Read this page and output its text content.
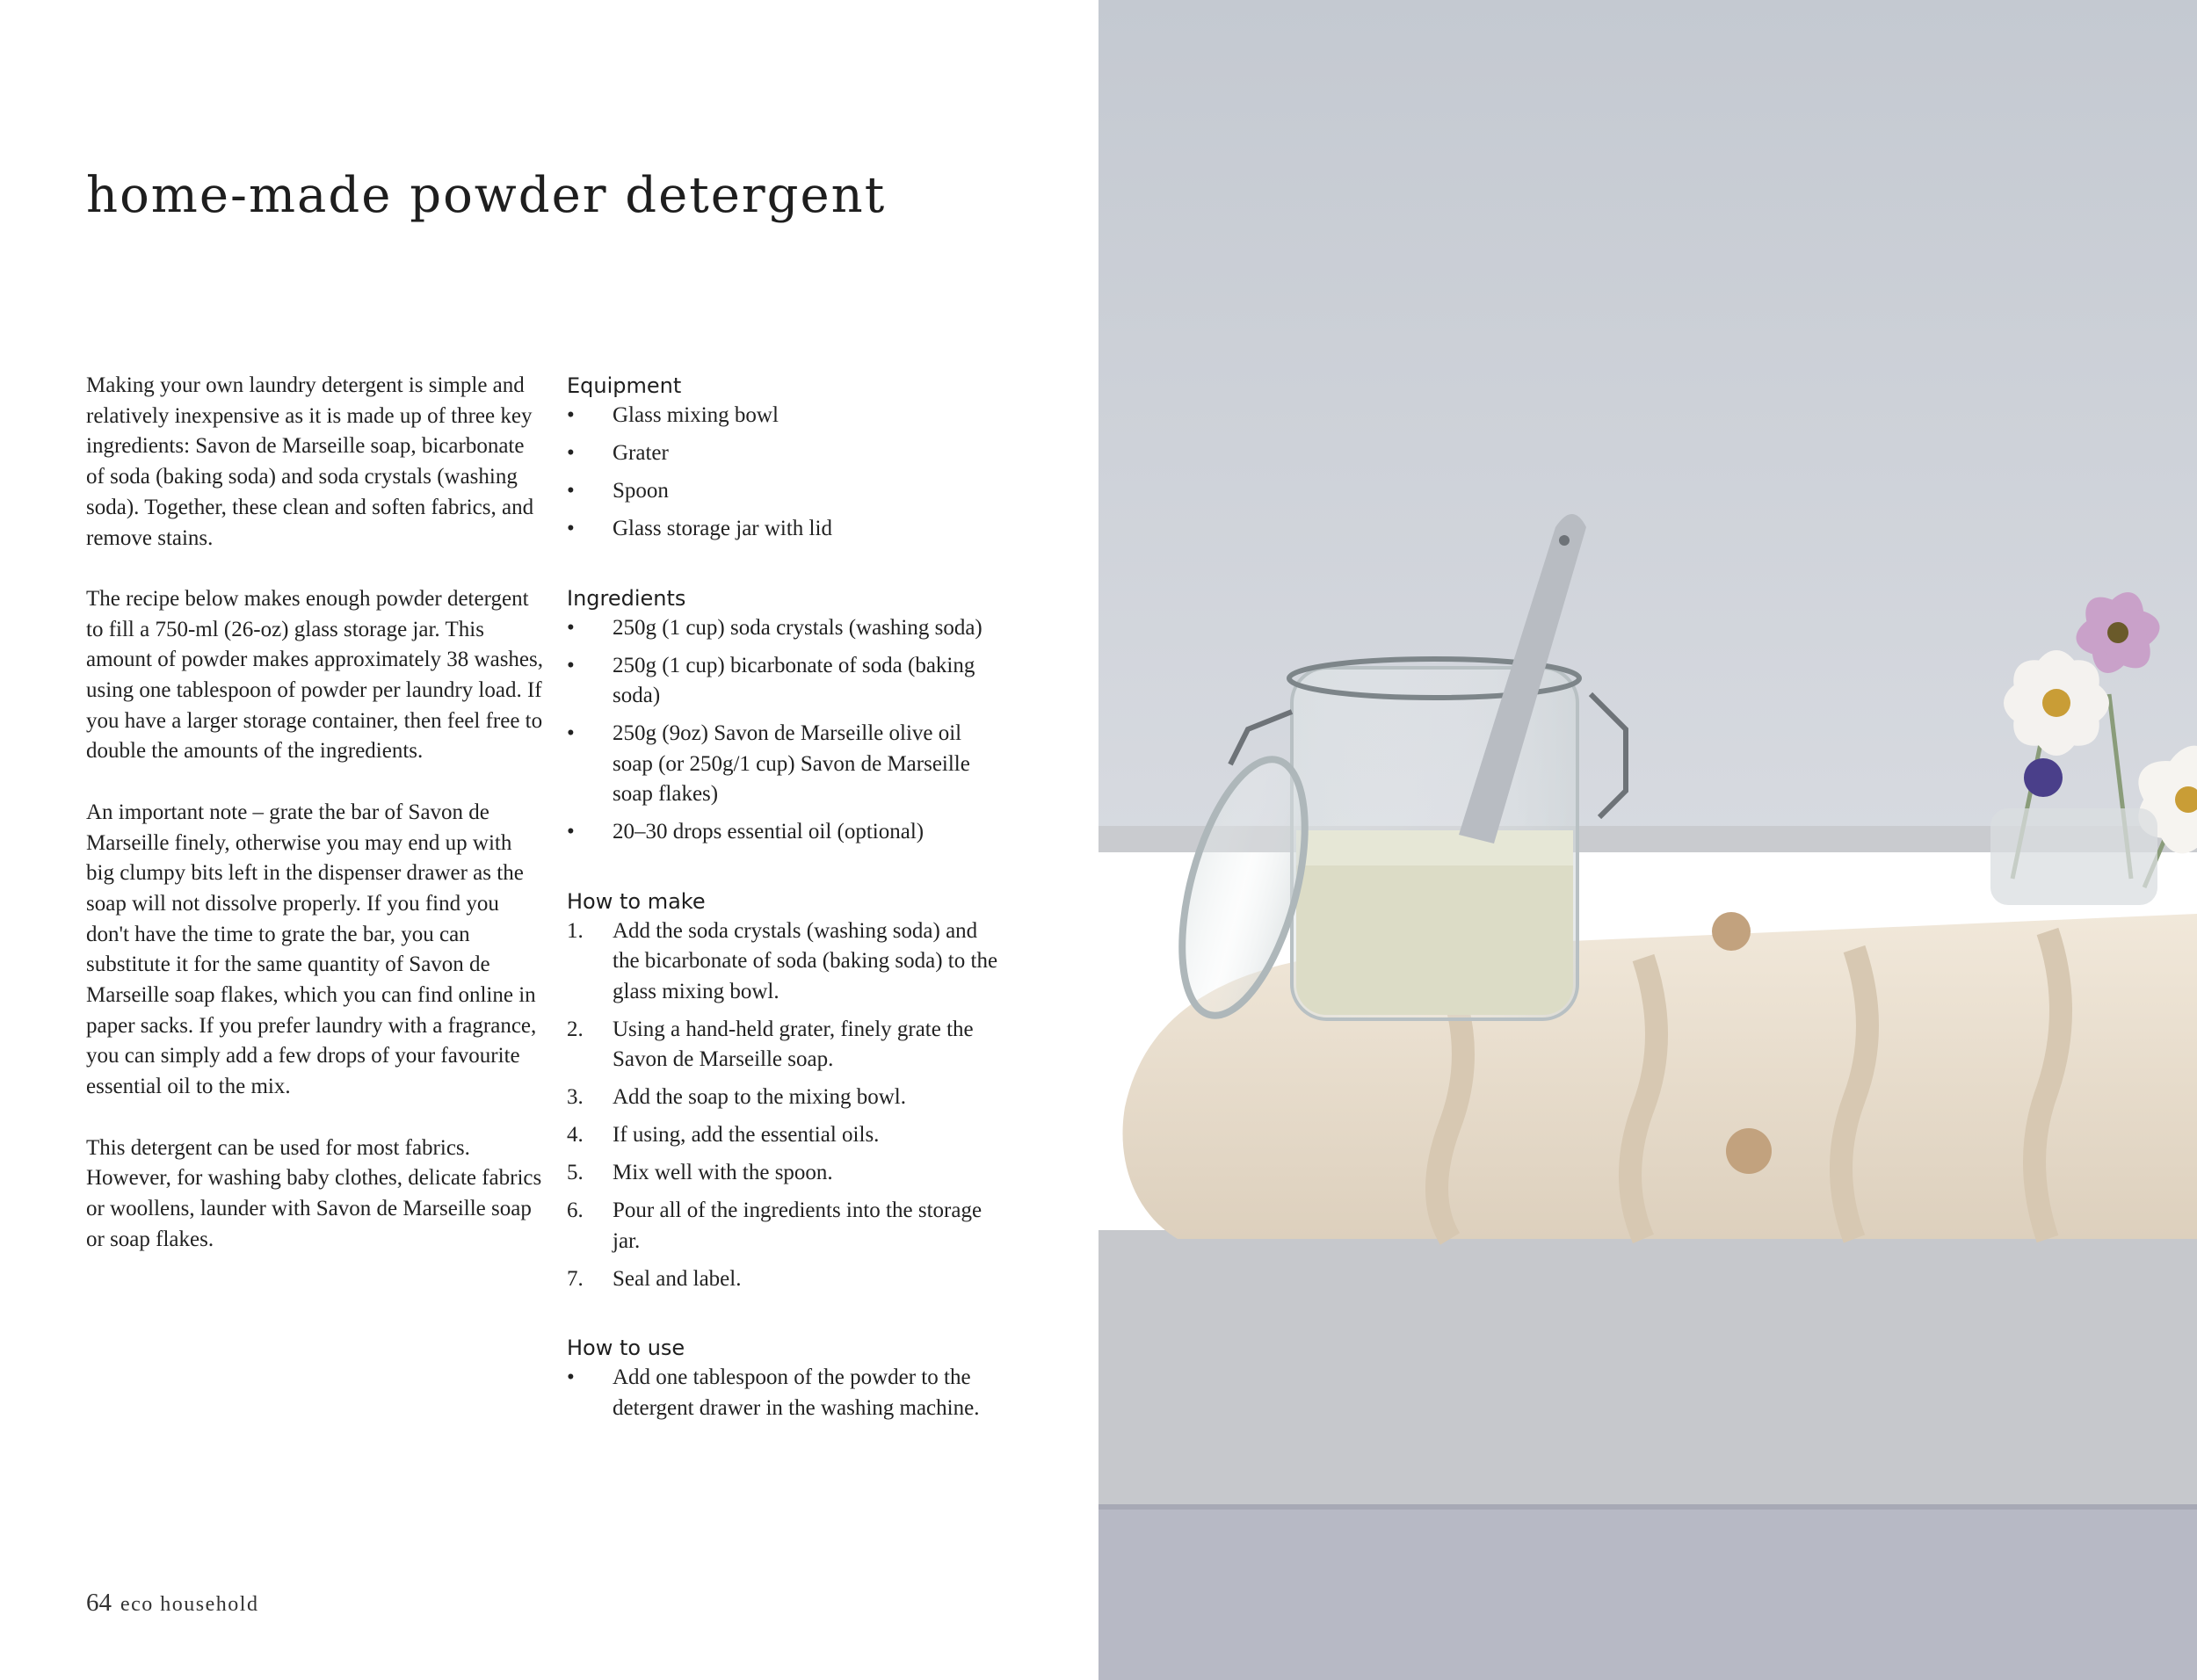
home-made powder detergent

Making your own laundry detergent is simple and relatively inexpensive as it is made up of three key ingredients: Savon de Marseille soap, bicarbonate of soda (baking soda) and soda crystals (washing soda). Together, these clean and soften fabrics, and remove stains.

The recipe below makes enough powder detergent to fill a 750-ml (26-oz) glass storage jar. This amount of powder makes approximately 38 washes, using one tablespoon of powder per laundry load. If you have a larger storage container, then feel free to double the amounts of the ingredients.

An important note – grate the bar of Savon de Marseille finely, otherwise you may end up with big clumpy bits left in the dispenser drawer as the soap will not dissolve properly. If you find you don't have the time to grate the bar, you can substitute it for the same quantity of Savon de Marseille soap flakes, which you can find online in paper sacks. If you prefer laundry with a fragrance, you can simply add a few drops of your favourite essential oil to the mix.

This detergent can be used for most fabrics. However, for washing baby clothes, delicate fabrics or woollens, launder with Savon de Marseille soap or soap flakes.

Equipment
•	Glass mixing bowl
•	Grater
•	Spoon
•	Glass storage jar with lid
Ingredients
•	250g (1 cup) soda crystals (washing soda)
•	250g (1 cup) bicarbonate of soda (baking soda)
•	250g (9oz) Savon de Marseille olive oil soap (or 250g/1 cup) Savon de Marseille soap flakes)
•	20–30 drops essential oil (optional)
How to make
1.	Add the soda crystals (washing soda) and the bicarbonate of soda (baking soda) to the glass mixing bowl.
2.	Using a hand-held grater, finely grate the Savon de Marseille soap.
3.	Add the soap to the mixing bowl.
4.	If using, add the essential oils.
5.	Mix well with the spoon.
6.	Pour all of the ingredients into the storage jar.
7.	Seal and label.
How to use
•	Add one tablespoon of the powder to the detergent drawer in the washing machine.
64 eco household
